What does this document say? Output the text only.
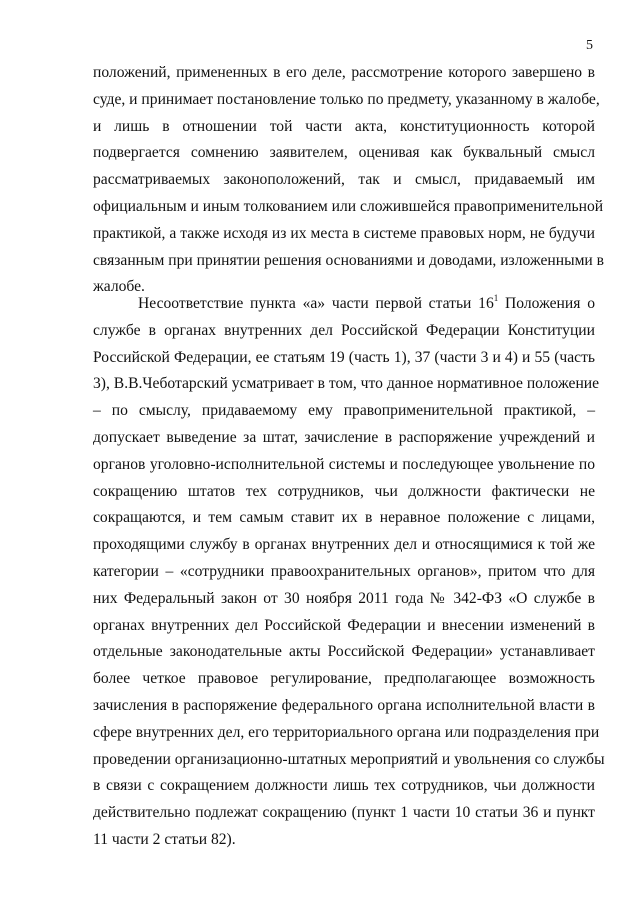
5
положений, примененных в его деле, рассмотрение которого завершено в
суде, и принимает постановление только по предмету, указанному в жалобе,
и лишь в отношении той части акта, конституционность которой
подвергается сомнению заявителем, оценивая как буквальный смысл
рассматриваемых законоположений, так и смысл, придаваемый им
официальным и иным толкованием или сложившейся правоприменительной
практикой, а также исходя из их места в системе правовых норм, не будучи
связанным при принятии решения основаниями и доводами, изложенными в
жалобе.
Несоответствие пункта «а» части первой статьи $16^1$ Положения о
службе в органах внутренних дел Российской Федерации Конституции
Российской Федерации, ее статьям 19 (часть 1), 37 (части 3 и 4) и 55 (часть
3), В.В.Чеботарский усматривает в том, что данное нормативное положение
– по смыслу, придаваемому ему правоприменительной практикой, –
допускает выведение за штат, зачисление в распоряжение учреждений и
органов уголовно-исполнительной системы и последующее увольнение по
сокращению штатов тех сотрудников, чьи должности фактически не
сокращаются, и тем самым ставит их в неравное положение с лицами,
проходящими службу в органах внутренних дел и относящимися к той же
категории – «сотрудники правоохранительных органов», притом что для
них Федеральный закон от 30 ноября 2011 года № 342-ФЗ «О службе в
органах внутренних дел Российской Федерации и внесении изменений в
отдельные законодательные акты Российской Федерации» устанавливает
более четкое правовое регулирование, предполагающее возможность
зачисления в распоряжение федерального органа исполнительной власти в
сфере внутренних дел, его территориального органа или подразделения при
проведении организационно-штатных мероприятий и увольнения со службы
в связи с сокращением должности лишь тех сотрудников, чьи должности
действительно подлежат сокращению (пункт 1 части 10 статьи 36 и пункт
11 части 2 статьи 82).
